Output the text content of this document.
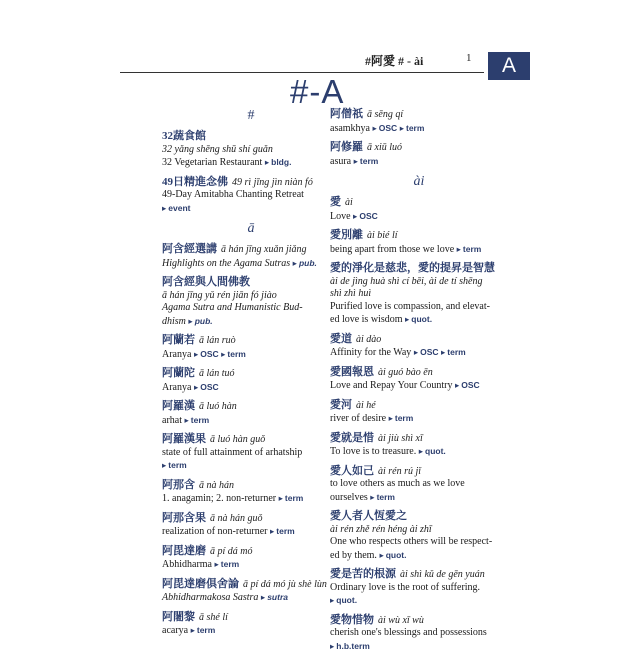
#阿愛 # - ài	1	A
#-A
#
32蔬食館
32 yǎng shēng shū shí guǎn
32 Vegetarian Restaurant ▸ bldg.
49日精進念佛 49 rì jīng jìn niàn fó
49-Day Amitabha Chanting Retreat
▸ event
ā
阿含經選講 ā hán jīng xuǎn jiǎng
Highlights on the Agama Sutras ▸ pub.
阿含經與人間佛教
ā hán jīng yǔ rén jiān fó jiào
Agama Sutra and Humanistic Bud-
dhism ▸ pub.
阿蘭若 ā lán ruò
Aranya ▸ OSC ▸ term
阿蘭陀 ā lán tuó
Aranya ▸ OSC
阿羅漢 ā luó hàn
arhat ▸ term
阿羅漢果 ā luó hàn guǒ
state of full attainment of arhatship
▸ term
阿那含 ā nà hán
1. anagamin; 2. non-returner ▸ term
阿那含果 ā nà hán guǒ
realization of non-returner ▸ term
阿毘達磨 ā pí dá mó
Abhidharma ▸ term
阿毘達磨俱舍論 ā pí dá mó jù shè lùn
Abhidharmakosa Sastra ▸ sutra
阿闍黎 ā shé lí
acarya ▸ term
阿僧祇 ā sēng qí
asamkhya ▸ OSC ▸ term
阿修羅 ā xiū luó
asura ▸ term
ài
愛 ài
Love ▸ OSC
愛別離 ài bié lí
being apart from those we love ▸ term
愛的淨化是慈悲，愛的提昇是智慧
ài de jìng huà shì cí bēi, ài de tí shēng
shì zhì huì
Purified love is compassion, and elevat-
ed love is wisdom ▸ quot.
愛道 ài dào
Affinity for the Way ▸ OSC ▸ term
愛國報恩 ài guó bào ēn
Love and Repay Your Country ▸ OSC
愛河 ài hé
river of desire ▸ term
愛就是惜 ài jiù shì xī
To love is to treasure. ▸ quot.
愛人如己 ài rén rú jǐ
to love others as much as we love
ourselves ▸ term
愛人者人恆愛之
ài rén zhě rén héng ài zhī
One who respects others will be respect-
ed by them. ▸ quot.
愛是苦的根源 ài shì kǔ de gēn yuán
Ordinary love is the root of suffering.
▸ quot.
愛物惜物 ài wù xī wù
cherish one's blessings and possessions
▸ h.b.term
